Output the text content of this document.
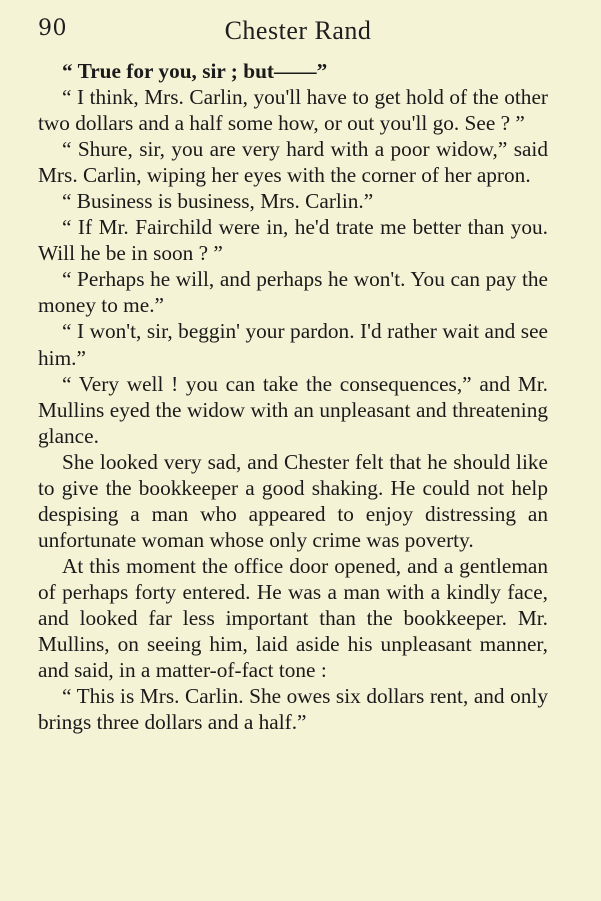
90	Chester Rand

“ True for you, sir ; but——”

“ I think, Mrs. Carlin, you'll have to get hold of the other two dollars and a half some how, or out you'll go. See ? ”

“ Shure, sir, you are very hard with a poor widow,” said Mrs. Carlin, wiping her eyes with the corner of her apron.

“ Business is business, Mrs. Carlin.”

“ If Mr. Fairchild were in, he'd trate me better than you. Will he be in soon ? ”

“ Perhaps he will, and perhaps he won't. You can pay the money to me.”

“ I won't, sir, beggin' your pardon. I'd rather wait and see him.”

“ Very well ! you can take the consequences,” and Mr. Mullins eyed the widow with an unpleasant and threatening glance.

She looked very sad, and Chester felt that he should like to give the bookkeeper a good shaking. He could not help despising a man who appeared to enjoy distressing an unfortunate woman whose only crime was poverty.

At this moment the office door opened, and a gentleman of perhaps forty entered. He was a man with a kindly face, and looked far less important than the bookkeeper. Mr. Mullins, on seeing him, laid aside his unpleasant manner, and said, in a matter-of-fact tone :

“ This is Mrs. Carlin. She owes six dollars rent, and only brings three dollars and a half.”
